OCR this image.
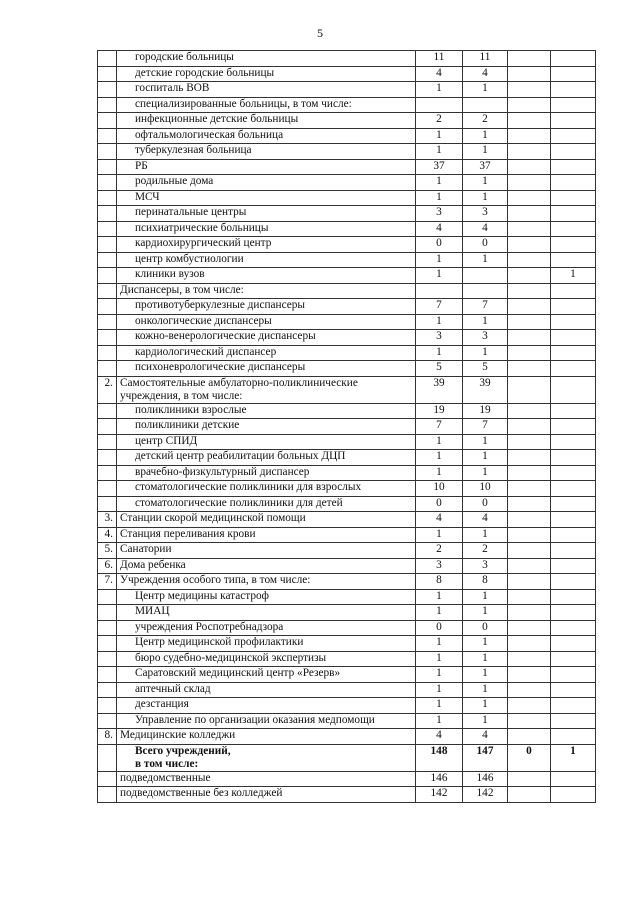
5
	городские больницы	11	11		
	детские городские больницы	4	4		
	госпиталь ВОВ	1	1		
	специализированные больницы, в том числе:				
	инфекционные детские больницы	2	2		
	офтальмологическая больница	1	1		
	туберкулезная больница	1	1		
	РБ	37	37		
	родильные дома	1	1		
	МСЧ	1	1		
	перинатальные центры	3	3		
	психиатрические больницы	4	4		
	кардиохирургический центр	0	0		
	центр комбустиологии	1	1		
	клиники вузов	1			1
	Диспансеры, в том числе:				
	противотуберкулезные диспансеры	7	7		
	онкологические диспансеры	1	1		
	кожно-венерологические диспансеры	3	3		
	кардиологический диспансер	1	1		
	психоневрологические диспансеры	5	5		
2.	Самостоятельные амбулаторно-поликлинические учреждения, в том числе:	39	39		
	поликлиники взрослые	19	19		
	поликлиники детские	7	7		
	центр СПИД	1	1		
	детский центр реабилитации больных ДЦП	1	1		
	врачебно-физкультурный диспансер	1	1		
	стоматологические поликлиники для взрослых	10	10		
	стоматологические поликлиники для детей	0	0		
3.	Станции скорой медицинской помощи	4	4		
4.	Станция переливания крови	1	1		
5.	Санатории	2	2		
6.	Дома ребенка	3	3		
7.	Учреждения особого типа, в том числе:	8	8		
	Центр медицины катастроф	1	1		
	МИАЦ	1	1		
	учреждения Роспотребнадзора	0	0		
	Центр медицинской профилактики	1	1		
	бюро судебно-медицинской экспертизы	1	1		
	Саратовский медицинский центр «Резерв»	1	1		
	аптечный склад	1	1		
	дезстанция	1	1		
	Управление по организации оказания медпомощи	1	1		
8.	Медицинские колледжи	4	4		
	Всего учреждений,
в том числе:	148	147	0	1
	подведомственные	146	146		
	подведомственные без колледжей	142	142		
